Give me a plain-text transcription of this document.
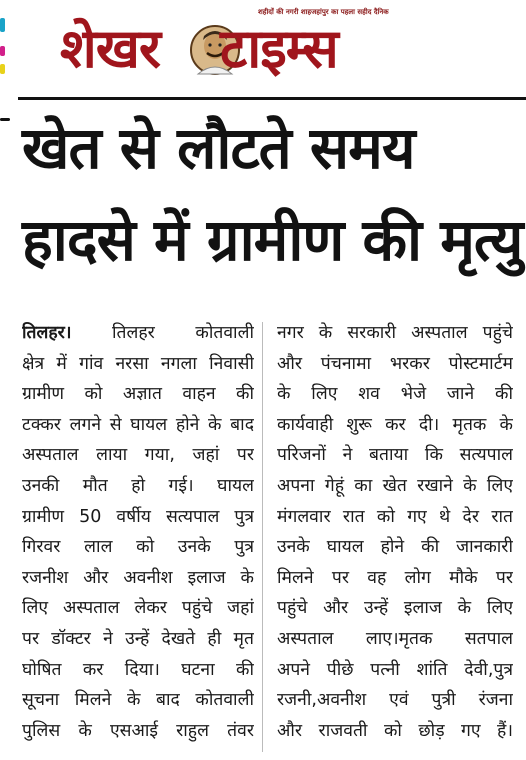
शहीदों की नगरी शाहजहांपुर का पहला सहीद दैनिक
शेखर टाइम्स
खेत से लौटते समय
हादसे में ग्रामीण की मृत्यु
तिलहर। तिलहर कोतवाली
क्षेत्र में गांव नरसा नगला निवासी
ग्रामीण को अज्ञात वाहन की
टक्कर लगने से घायल होने के बाद
अस्पताल लाया गया, जहां पर
उनकी मौत हो गई। घायल
ग्रामीण 50 वर्षीय सत्यपाल पुत्र
गिरवर लाल को उनके पुत्र
रजनीश और अवनीश इलाज के
लिए अस्पताल लेकर पहुंचे जहां
पर डॉक्टर ने उन्हें देखते ही मृत
घोषित कर दिया। घटना की
सूचना मिलने के बाद कोतवाली
पुलिस के एसआई राहुल तंवर
नगर के सरकारी अस्पताल पहुंचे
और पंचनामा भरकर पोस्टमार्टम
के लिए शव भेजे जाने की
कार्यवाही शुरू कर दी। मृतक के
परिजनों ने बताया कि सत्यपाल
अपना गेहूं का खेत रखाने के लिए
मंगलवार रात को गए थे देर रात
उनके घायल होने की जानकारी
मिलने पर वह लोग मौके पर
पहुंचे और उन्हें इलाज के लिए
अस्पताल लाए।मृतक सतपाल
अपने पीछे पत्नी शांति देवी,पुत्र
रजनी,अवनीश एवं पुत्री रंजना
और राजवती को छोड़ गए हैं।
